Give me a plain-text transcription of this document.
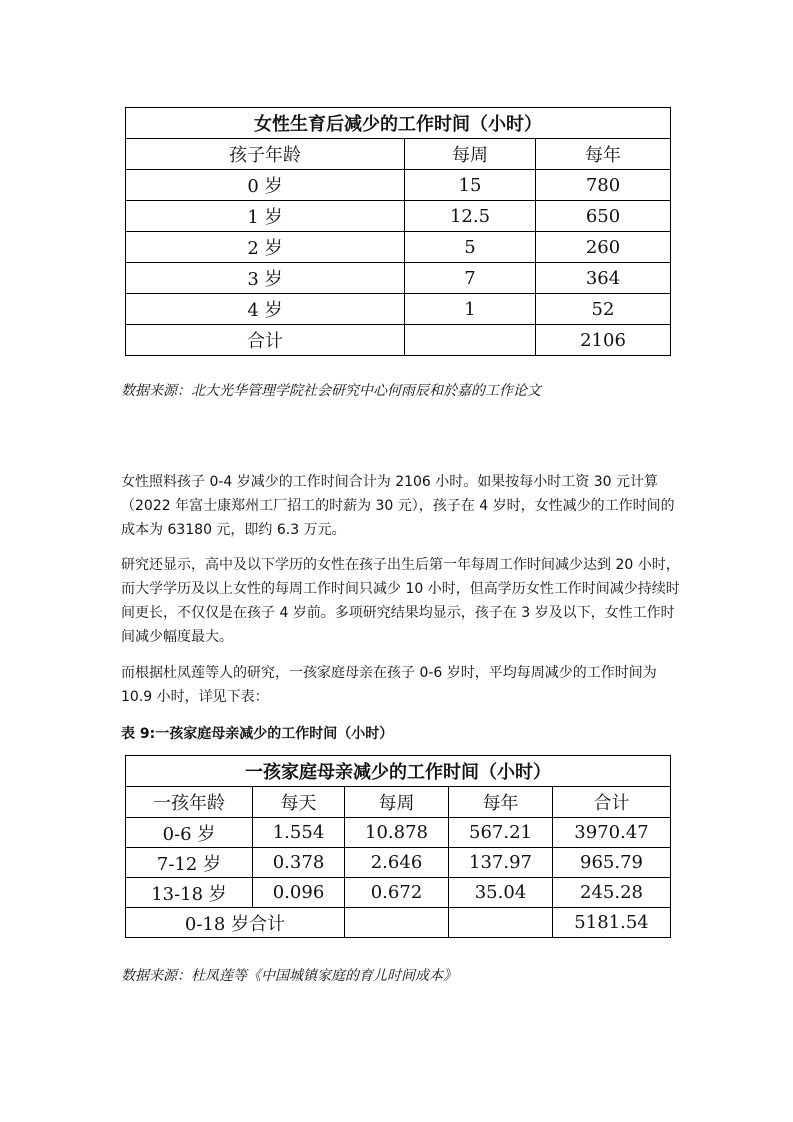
女性生育后减少的工作时间（小时）		
孩子年龄	每周	每年
0 岁	15	780
1 岁	12.5	650
2 岁	5	260
3 岁	7	364
4 岁	1	52
合计		2106
数据来源：北大光华管理学院社会研究中心何雨辰和於嘉的工作论文

女性照料孩子 0-4 岁减少的工作时间合计为 2106 小时。如果按每小时工资 30 元计算（2022 年富士康郑州工厂招工的时薪为 30 元），孩子在 4 岁时，女性减少的工作时间的成本为 63180 元，即约 6.3 万元。

研究还显示，高中及以下学历的女性在孩子出生后第一年每周工作时间减少达到 20 小时，而大学学历及以上女性的每周工作时间只减少 10 小时，但高学历女性工作时间减少持续时间更长，不仅仅是在孩子 4 岁前。多项研究结果均显示，孩子在 3 岁及以下，女性工作时间减少幅度最大。

而根据杜凤莲等人的研究，一孩家庭母亲在孩子 0-6 岁时，平均每周减少的工作时间为 10.9 小时，详见下表：

表 9:一孩家庭母亲减少的工作时间（小时）
一孩家庭母亲减少的工作时间（小时）				
一孩年龄	每天	每周	每年	合计
0-6 岁	1.554	10.878	567.21	3970.47
7-12 岁	0.378	2.646	137.97	965.79
13-18 岁	0.096	0.672	35.04	245.28
0-18 岁合计				5181.54
数据来源：杜凤莲等《中国城镇家庭的育儿时间成本》
